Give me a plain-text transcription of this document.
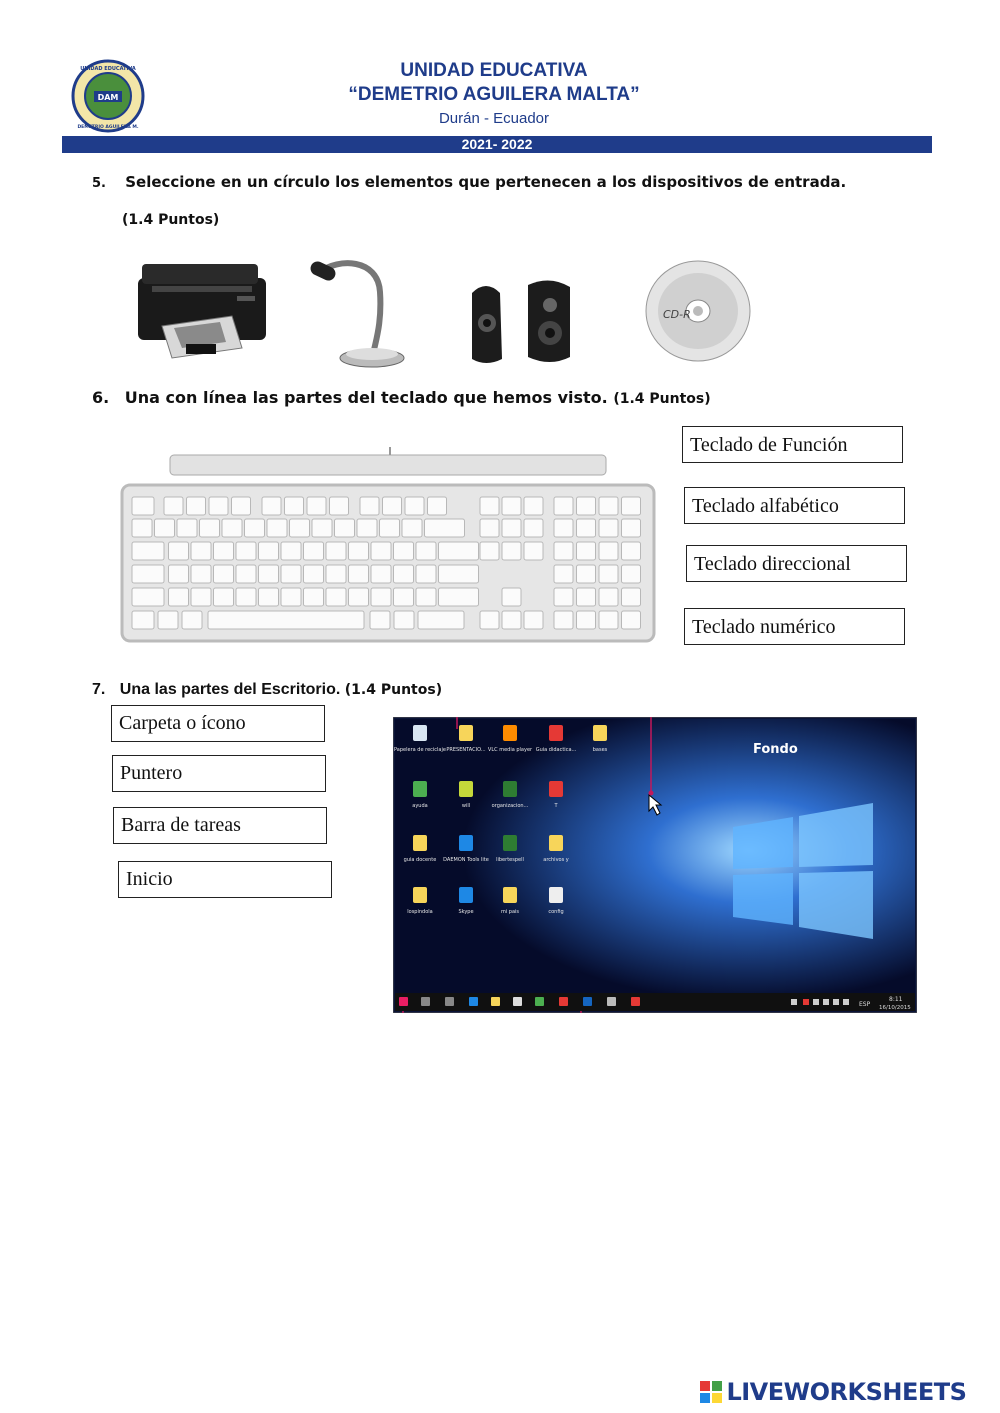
DAM
UNIDAD EDUCATIVA
DEMETRIO AGUILERA M.
UNIDAD EDUCATIVA
“DEMETRIO AGUILERA MALTA”
Durán - Ecuador
2021- 2022
5. Seleccione en un círculo los elementos que pertenecen a los dispositivos de entrada.
(1.4 Puntos)
CD-R
6. Una con línea las partes del teclado que hemos visto. (1.4 Puntos)
Teclado de Función
Teclado alfabético
Teclado direccional
Teclado numérico
7. Una las partes del Escritorio. (1.4 Puntos)
Carpeta o ícono
Puntero
Barra de tareas
Inicio
Fondo
Papelera de reciclaje PRESENTACIO... VLC media player Guia didactica...	bases
ayuda	will	organizacion...	T
guia docente DAEMON Tools lite libertespell	archivos y
lospindola	Skype	mi pais	config
ESP
8:11
16/10/2015
LIVEWORKSHEETS
